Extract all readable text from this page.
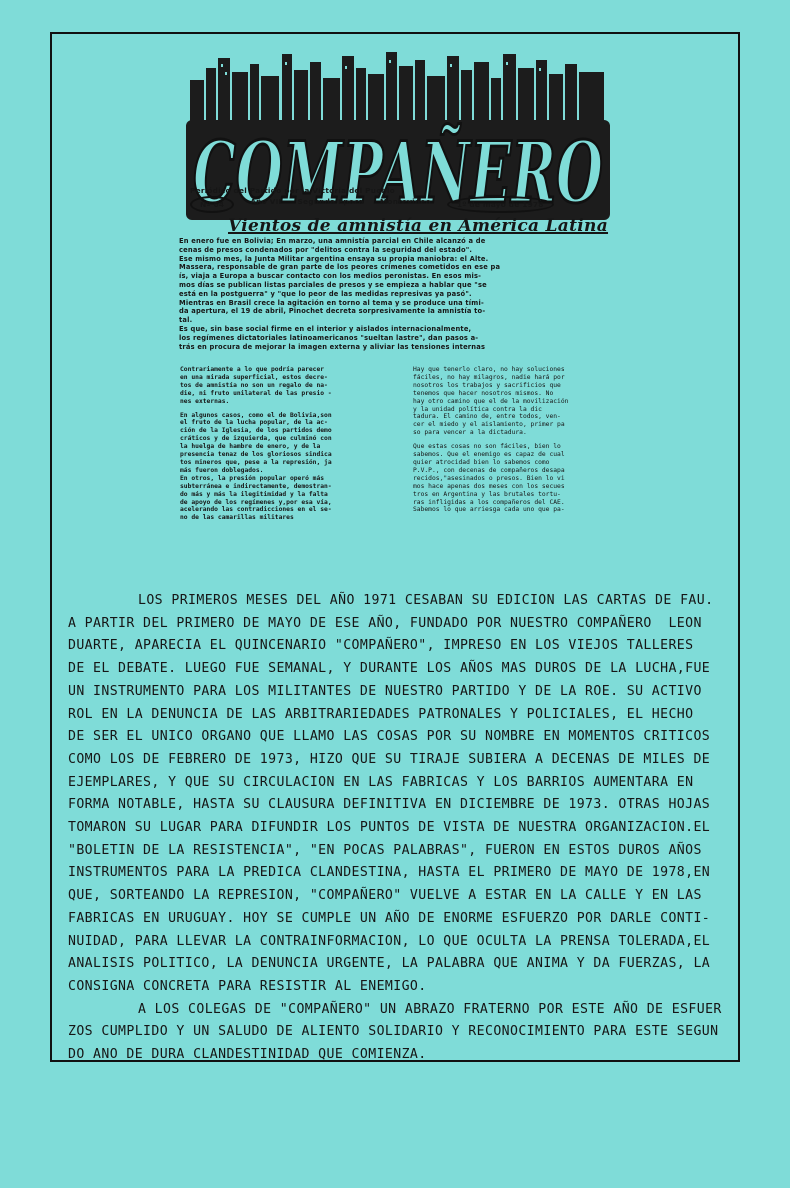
COMPAÑERO
Periódico del Partido por la Victoria del Pueblo
Nº 64	Año VII Segunda Epoca Montevideo	1º de mayo de 1978
Vientos de amnistía en América Latina

En enero fue en Bolivia; En marzo, una amnistía parcial en Chile alcanzó a de
cenas de presos condenados por "delitos contra la seguridad del estado".
Ese mismo mes, la Junta Militar argentina ensaya su propia maniobra: el Alte.
Massera, responsable de gran parte de los peores crímenes cometidos en ese pa
ís, viaja a Europa a buscar contacto con los medios peronistas. En esos mis-
mos días se publican listas parciales de presos y se empieza a hablar que "se
está en la postguerra" y "que lo peor de las medidas represivas ya pasó".
Mientras en Brasil crece la agitación en torno al tema y se produce una tími-
da apertura, el 19 de abril, Pinochet decreta sorpresivamente la amnistía to-
tal.
Es que, sin base social firme en el interior y aislados internacionalmente,
los regímenes dictatoriales latinoamericanos "sueltan lastre", dan pasos a-
trás en procura de mejorar la imagen externa y aliviar las tensiones internas

Contrariamente a lo que podría parecer
en una mirada superficial, estos decre-
tos de amnistía no son un regalo de na-
die, ni fruto unilateral de las presio -
nes externas.

En algunos casos, como el de Bolivia,son
el fruto de la lucha popular, de la ac-
ción de la Iglesia, de los partidos demo
cráticos y de izquierda, que culminó con
la huelga de hambre de enero, y de la
presencia tenaz de los gloriosos sindica
tos mineros que, pese a la represión, ja
más fueron doblegados.
En otros, la presión popular operó más
subterránea e indirectamente, demostran-
do más y más la ilegitimidad y la falta
de apoyo de los regímenes y,por esa vía,
acelerando las contradicciones en el se-
no de las camarillas militares

Hay que tenerlo claro, no hay soluciones
fáciles, no hay milagros, nadie hará por
nosotros los trabajos y sacrificios que
tenemos que hacer nosotros mismos. No
hay otro camino que el de la movilización
y la unidad política contra la dic
tadura. El camino de, entre todos, ven-
cer el miedo y el aislamiento, primer pa
so para vencer a la dictadura.

Que estas cosas no son fáciles, bien lo
sabemos. Que el enemigo es capaz de cual
quier atrocidad bien lo sabemos como
P.V.P., con decenas de compañeros desapa
recidos,"asesinados o presos. Bien lo vi
mos hace apenas dos meses con los secues
tros en Argentina y las brutales tortu-
ras infligidas a los compañeros del CAE.
Sabemos lo que arriesga cada uno que pa-

LOS PRIMEROS MESES DEL AÑO 1971 CESABAN SU EDICION LAS CARTAS DE FAU.
A PARTIR DEL PRIMERO DE MAYO DE ESE AÑO, FUNDADO POR NUESTRO COMPAÑERO  LEON
DUARTE, APARECIA EL QUINCENARIO "COMPAÑERO", IMPRESO EN LOS VIEJOS TALLERES
DE EL DEBATE. LUEGO FUE SEMANAL, Y DURANTE LOS AÑOS MAS DUROS DE LA LUCHA,FUE
UN INSTRUMENTO PARA LOS MILITANTES DE NUESTRO PARTIDO Y DE LA ROE. SU ACTIVO
ROL EN LA DENUNCIA DE LAS ARBITRARIEDADES PATRONALES Y POLICIALES, EL HECHO
DE SER EL UNICO ORGANO QUE LLAMO LAS COSAS POR SU NOMBRE EN MOMENTOS CRITICOS
COMO LOS DE FEBRERO DE 1973, HIZO QUE SU TIRAJE SUBIERA A DECENAS DE MILES DE
EJEMPLARES, Y QUE SU CIRCULACION EN LAS FABRICAS Y LOS BARRIOS AUMENTARA EN
FORMA NOTABLE, HASTA SU CLAUSURA DEFINITIVA EN DICIEMBRE DE 1973. OTRAS HOJAS
TOMARON SU LUGAR PARA DIFUNDIR LOS PUNTOS DE VISTA DE NUESTRA ORGANIZACION.EL
"BOLETIN DE LA RESISTENCIA", "EN POCAS PALABRAS", FUERON EN ESTOS DUROS AÑOS
INSTRUMENTOS PARA LA PREDICA CLANDESTINA, HASTA EL PRIMERO DE MAYO DE 1978,EN
QUE, SORTEANDO LA REPRESION, "COMPAÑERO" VUELVE A ESTAR EN LA CALLE Y EN LAS
FABRICAS EN URUGUAY. HOY SE CUMPLE UN AÑO DE ENORME ESFUERZO POR DARLE CONTI-
NUIDAD, PARA LLEVAR LA CONTRAINFORMACION, LO QUE OCULTA LA PRENSA TOLERADA,EL
ANALISIS POLITICO, LA DENUNCIA URGENTE, LA PALABRA QUE ANIMA Y DA FUERZAS, LA
CONSIGNA CONCRETA PARA RESISTIR AL ENEMIGO.
A LOS COLEGAS DE "COMPAÑERO" UN ABRAZO FRATERNO POR ESTE AÑO DE ESFUER
ZOS CUMPLIDO Y UN SALUDO DE ALIENTO SOLIDARIO Y RECONOCIMIENTO PARA ESTE SEGUN
DO ANO DE DURA CLANDESTINIDAD QUE COMIENZA.
